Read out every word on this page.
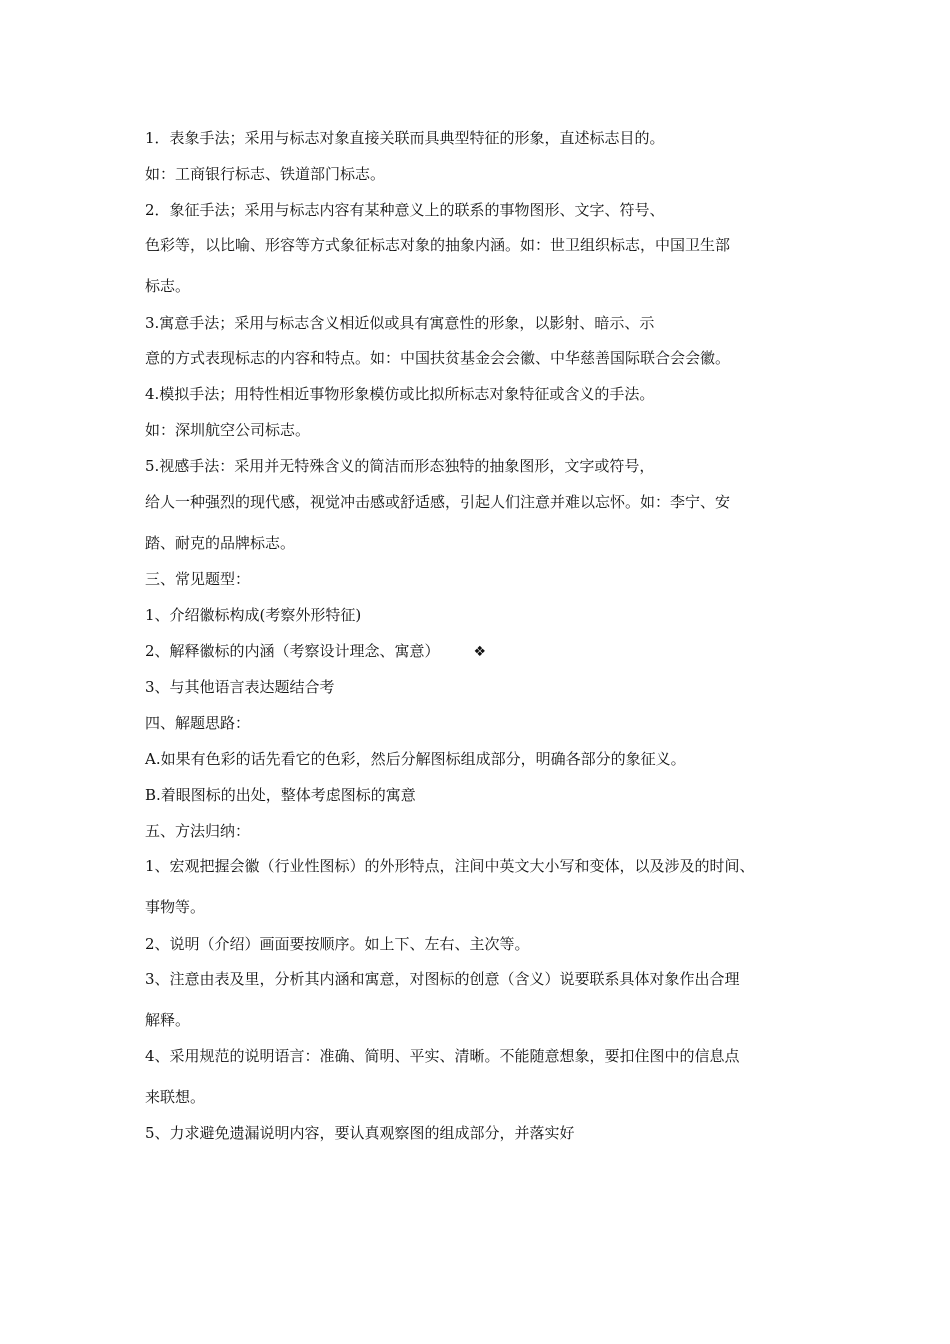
1．表象手法；采用与标志对象直接关联而具典型特征的形象，直述标志目的。
如：工商银行标志、铁道部门标志。
2．象征手法；采用与标志内容有某种意义上的联系的事物图形、文字、符号、
色彩等，以比喻、形容等方式象征标志对象的抽象内涵。如：世卫组织标志，中国卫生部
标志。
3.寓意手法；采用与标志含义相近似或具有寓意性的形象，以影射、暗示、示
意的方式表现标志的内容和特点。如：中国扶贫基金会会徽、中华慈善国际联合会会徽。
4.模拟手法；用特性相近事物形象模仿或比拟所标志对象特征或含义的手法。
如：深圳航空公司标志。
5.视感手法：采用并无特殊含义的简洁而形态独特的抽象图形，文字或符号，
给人一种强烈的现代感，视觉冲击感或舒适感，引起人们注意并难以忘怀。如：李宁、安
踏、耐克的品牌标志。
三、常见题型：
1、介绍徽标构成(考察外形特征)
2、解释徽标的内涵（考察设计理念、寓意） ❖
3、与其他语言表达题结合考
四、解题思路：
A.如果有色彩的话先看它的色彩，然后分解图标组成部分，明确各部分的象征义。
B.着眼图标的出处，整体考虑图标的寓意
五、方法归纳：
1、宏观把握会徽（行业性图标）的外形特点，注间中英文大小写和变体，以及涉及的时间、
事物等。
2、说明（介绍）画面要按顺序。如上下、左右、主次等。
3、注意由表及里，分析其内涵和寓意，对图标的创意（含义）说要联系具体对象作出合理
解释。
4、采用规范的说明语言：准确、简明、平实、清晰。不能随意想象，要扣住图中的信息点
来联想。
5、力求避免遗漏说明内容，要认真观察图的组成部分，并落实好
